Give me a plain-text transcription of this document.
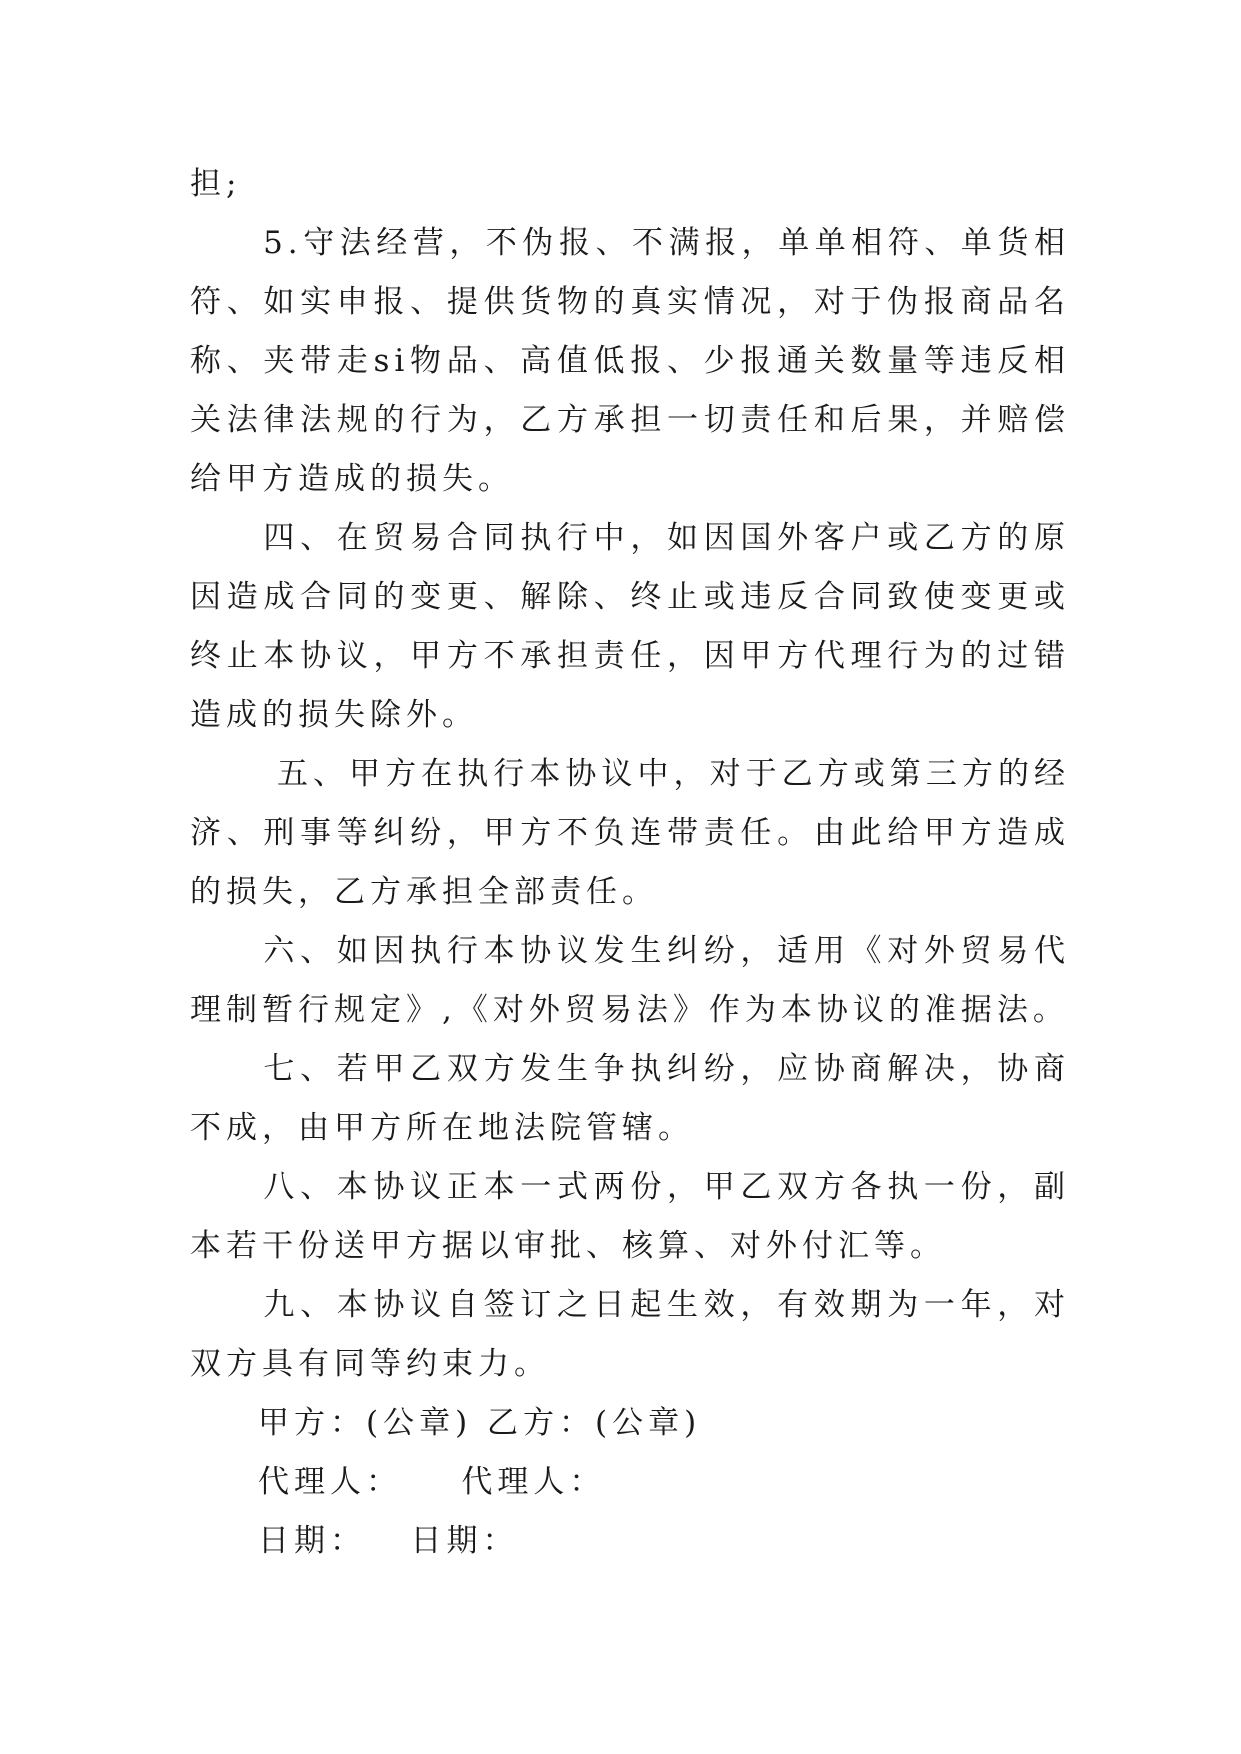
担;

　　5.守法经营，不伪报、不满报，单单相符、单货相符、如实申报、提供货物的真实情况，对于伪报商品名称、夹带走si物品、高值低报、少报通关数量等违反相关法律法规的行为，乙方承担一切责任和后果，并赔偿给甲方造成的损失。

　　四、在贸易合同执行中，如因国外客户或乙方的原因造成合同的变更、解除、终止或违反合同致使变更或终止本协议，甲方不承担责任，因甲方代理行为的过错造成的损失除外。

　　 五、甲方在执行本协议中，对于乙方或第三方的经济、刑事等纠纷，甲方不负连带责任。由此给甲方造成的损失，乙方承担全部责任。

　　六、如因执行本协议发生纠纷，适用《对外贸易代理制暂行规定》,《对外贸易法》作为本协议的准据法。

　　七、若甲乙双方发生争执纠纷，应协商解决，协商不成，由甲方所在地法院管辖。

　　八、本协议正本一式两份，甲乙双方各执一份，副本若干份送甲方据以审批、核算、对外付汇等。

　　九、本协议自签订之日起生效，有效期为一年，对双方具有同等约束力。

甲方：(公章) 乙方：(公章)

代理人：    代理人：

日期：   日期：
